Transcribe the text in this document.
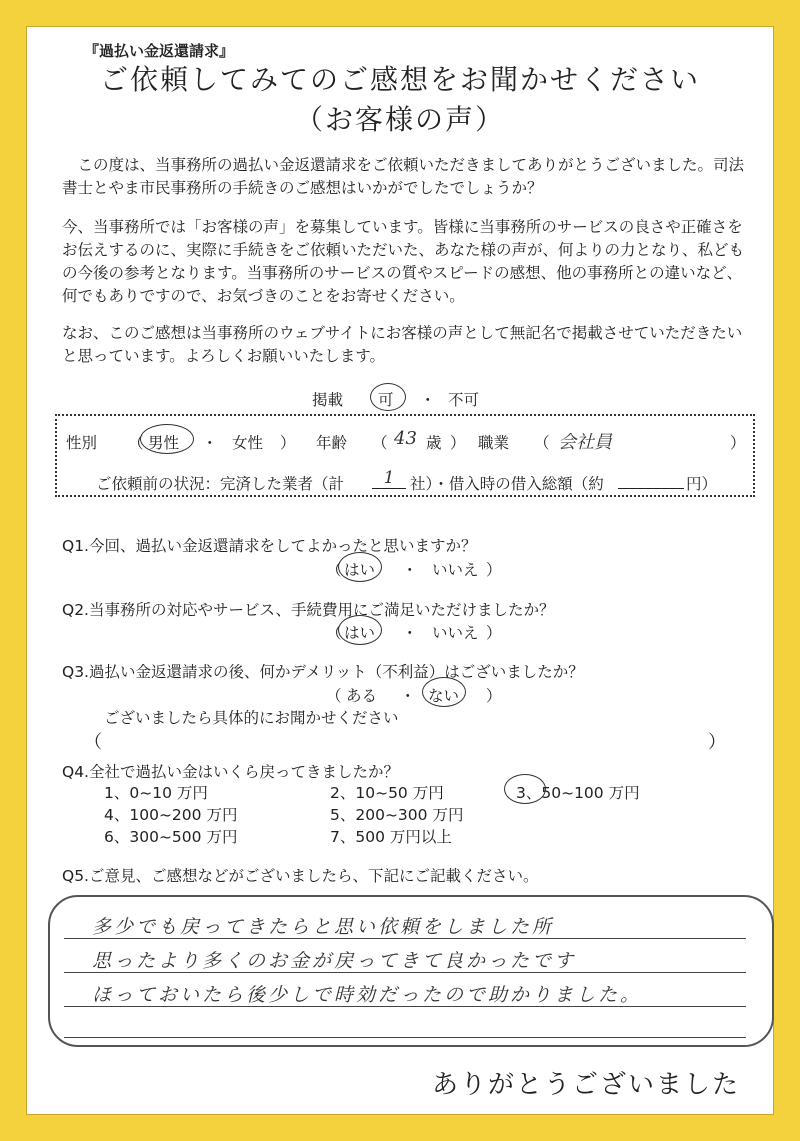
『過払い金返還請求』
ご依頼してみてのご感想をお聞かせください
（お客様の声）
この度は、当事務所の過払い金返還請求をご依頼いただきましてありがとうございました。司法書士とやま市民事務所の手続きのご感想はいかがでしたでしょうか？
今、当事務所では「お客様の声」を募集しています。皆様に当事務所のサービスの良さや正確さをお伝えするのに、実際に手続きをご依頼いただいた、あなた様の声が、何よりの力となり、私どもの今後の参考となります。当事務所のサービスの質やスピードの感想、他の事務所との違いなど、何でもありですので、お気づきのことをお寄せください。
なお、このご感想は当事務所のウェブサイトにお客様の声として無記名で掲載させていただきたいと思っています。よろしくお願いいたします。
掲載 可 ・ 不可
性別 （ 男性 ・ 女性 ） 年齢 （ 43 歳 ） 職業 （ 会社員	）
ご依頼前の状況：完済した業者（計	1	社）・借入時の借入総額（約	円）
Q1.今回、過払い金返還請求をしてよかったと思いますか？
（ はい ・ いいえ ）
Q2.当事務所の対応やサービス、手続費用にご満足いただけましたか？
（ はい ・ いいえ ）
Q3.過払い金返還請求の後、何かデメリット（不利益）はございましたか？
（ ある ・ ない ）
ございましたら具体的にお聞かせください
（	）
Q4.全社で過払い金はいくら戻ってきましたか？
1、0~10 万円	2、10~50 万円	3、50~100 万円
4、100~200 万円	5、200~300 万円
6、300~500 万円	7、500 万円以上
Q5.ご意見、ご感想などがございましたら、下記にご記載ください。
多少でも戻ってきたらと思い依頼をしました所
思ったより多くのお金が戻ってきて良かったです
ほっておいたら後少しで時効だったので助かりました。
ありがとうございました
